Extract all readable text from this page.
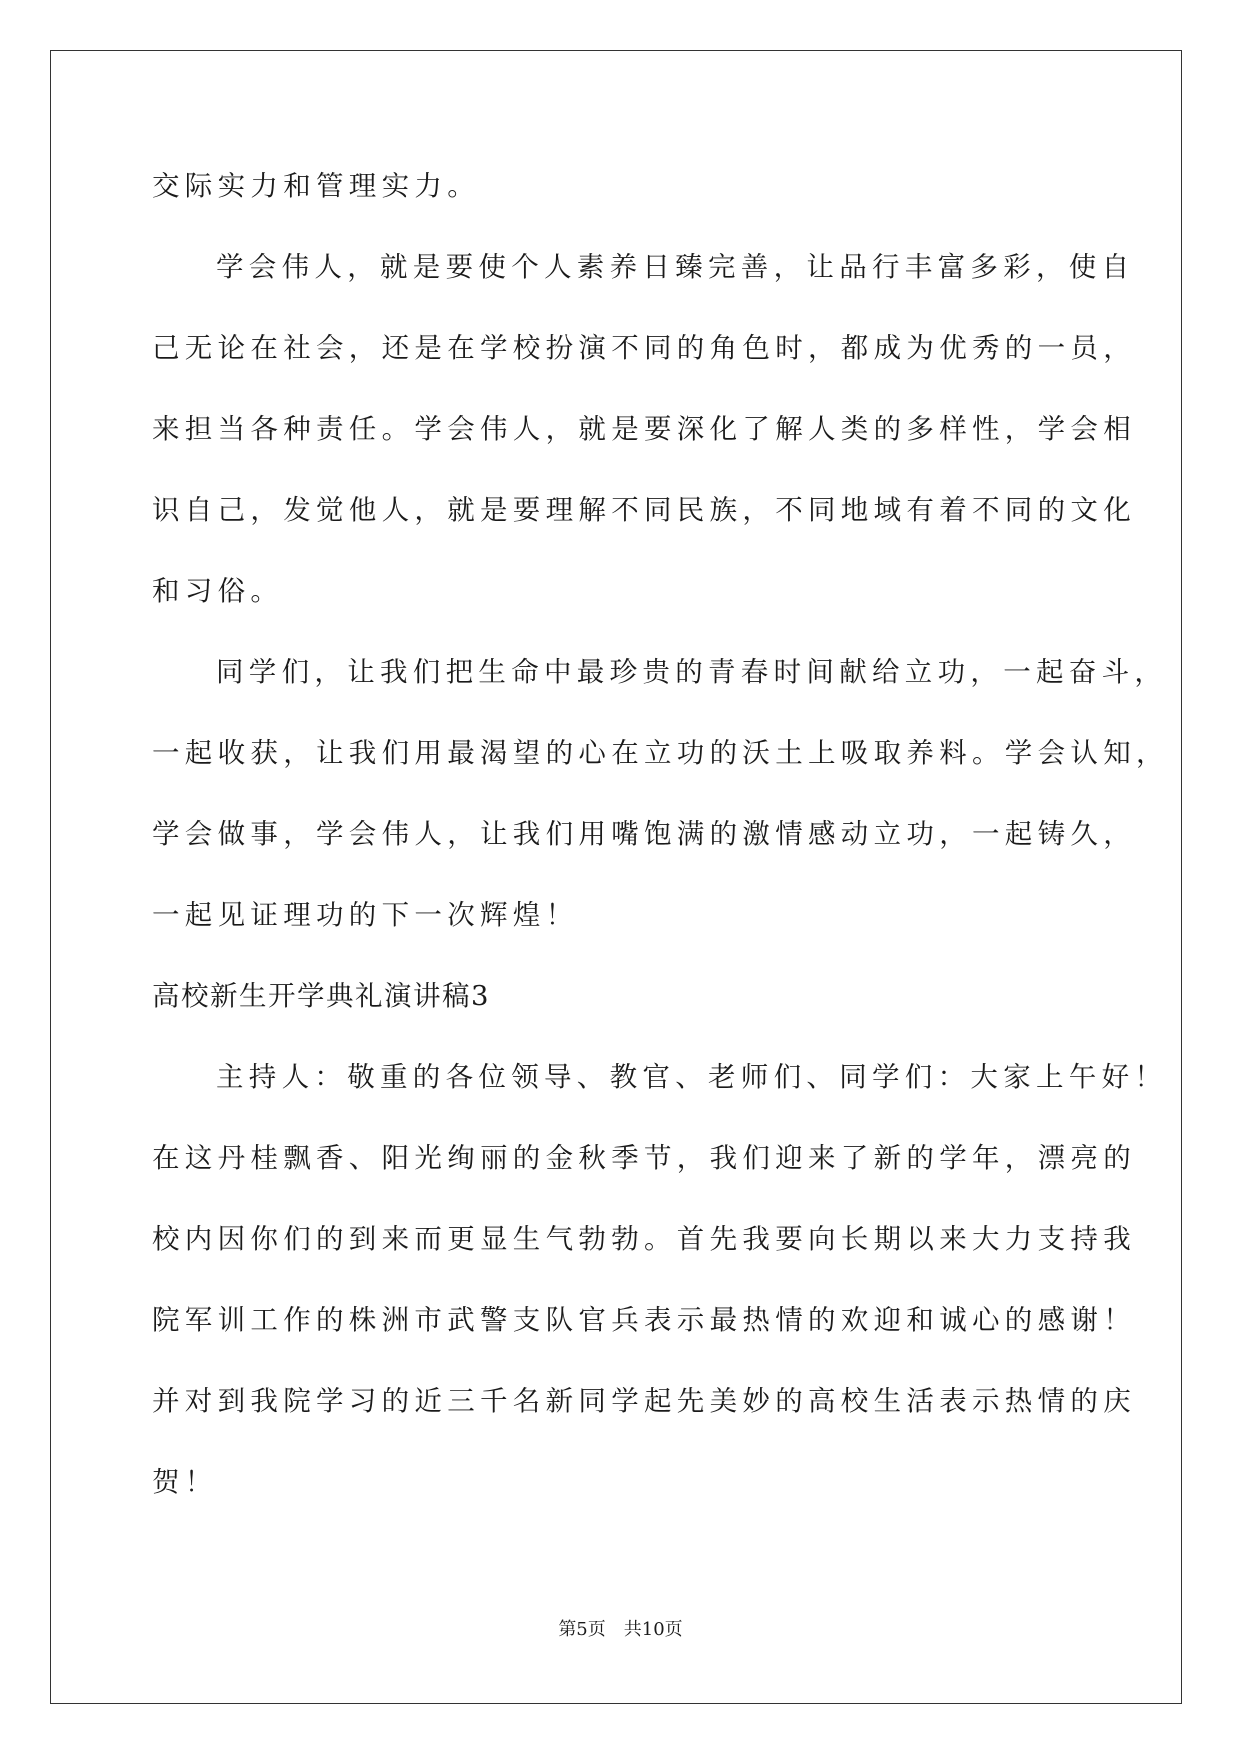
交际实力和管理实力。
学会伟人，就是要使个人素养日臻完善，让品行丰富多彩，使自
己无论在社会，还是在学校扮演不同的角色时，都成为优秀的一员，
来担当各种责任。学会伟人，就是要深化了解人类的多样性，学会相
识自己，发觉他人，就是要理解不同民族，不同地域有着不同的文化
和习俗。
同学们，让我们把生命中最珍贵的青春时间献给立功，一起奋斗，
一起收获，让我们用最渴望的心在立功的沃土上吸取养料。学会认知，
学会做事，学会伟人，让我们用嘴饱满的激情感动立功，一起铸久，
一起见证理功的下一次辉煌！
高校新生开学典礼演讲稿3
主持人：敬重的各位领导、教官、老师们、同学们：大家上午好！
在这丹桂飘香、阳光绚丽的金秋季节，我们迎来了新的学年，漂亮的
校内因你们的到来而更显生气勃勃。首先我要向长期以来大力支持我
院军训工作的株洲市武警支队官兵表示最热情的欢迎和诚心的感谢！
并对到我院学习的近三千名新同学起先美妙的高校生活表示热情的庆
贺！
第5页 共10页
